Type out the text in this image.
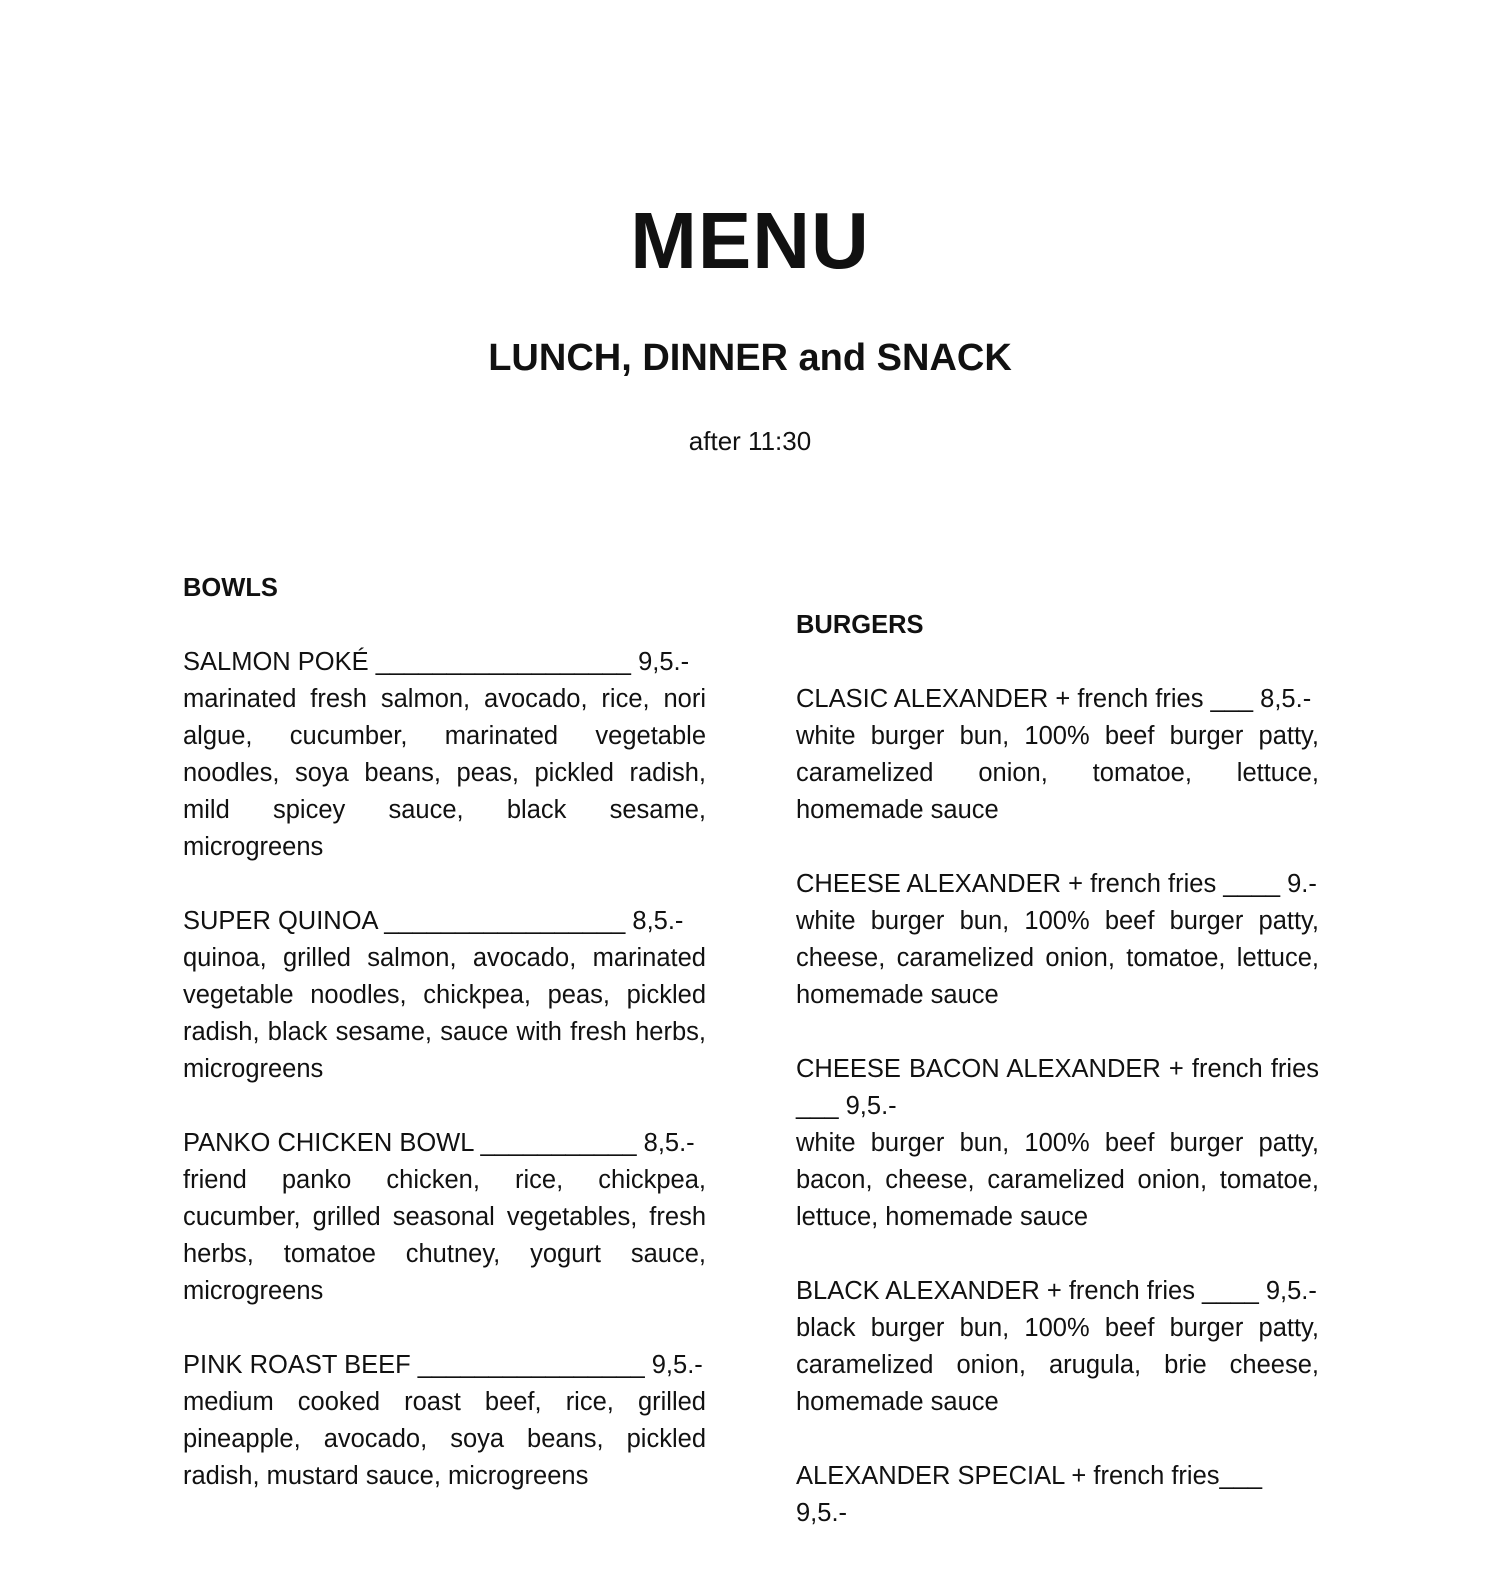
MENU
LUNCH, DINNER and SNACK
after 11:30
BOWLS
SALMON POKÉ __________________ 9,5.-
marinated fresh salmon, avocado, rice, nori algue, cucumber, marinated vegetable noodles, soya beans, peas, pickled radish, mild spicey sauce, black sesame, microgreens
SUPER QUINOA _________________ 8,5.-
quinoa, grilled salmon, avocado, marinated vegetable noodles, chickpea, peas, pickled radish, black sesame, sauce with fresh herbs, microgreens
PANKO CHICKEN BOWL ___________ 8,5.-
friend panko chicken, rice, chickpea, cucumber, grilled seasonal vegetables, fresh herbs, tomatoe chutney, yogurt sauce, microgreens
PINK ROAST BEEF ________________ 9,5.-
medium cooked roast beef, rice, grilled pineapple, avocado, soya beans, pickled radish, mustard sauce, microgreens
BURGERS
CLASIC ALEXANDER + french fries ___ 8,5.-
white burger bun, 100% beef burger patty, caramelized onion, tomatoe, lettuce, homemade sauce
CHEESE ALEXANDER + french fries ____ 9.-
white burger bun, 100% beef burger patty, cheese, caramelized onion, tomatoe, lettuce, homemade sauce
CHEESE BACON ALEXANDER + french fries ___ 9,5.-
white burger bun, 100% beef burger patty, bacon, cheese, caramelized onion, tomatoe, lettuce, homemade sauce
BLACK ALEXANDER + french fries ____ 9,5.-
black burger bun, 100% beef burger patty, caramelized onion, arugula, brie cheese, homemade sauce
ALEXANDER SPECIAL + french fries___ 9,5.-
